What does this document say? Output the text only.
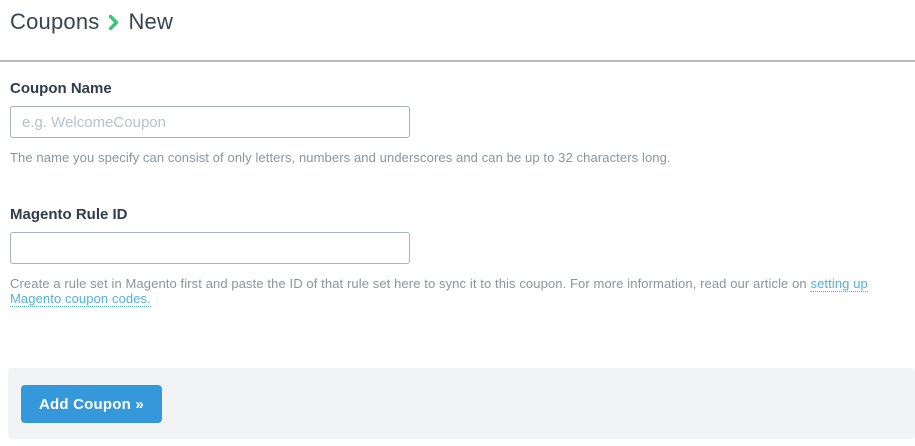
Coupons New
Coupon Name
e.g. WelcomeCoupon

The name you specify can consist of only letters, numbers and underscores and can be up to 32 characters long.

Magento Rule ID

Create a rule set in Magento first and paste the ID of that rule set here to sync it to this coupon. For more information, read our article on setting up Magento coupon codes.

Add Coupon »
